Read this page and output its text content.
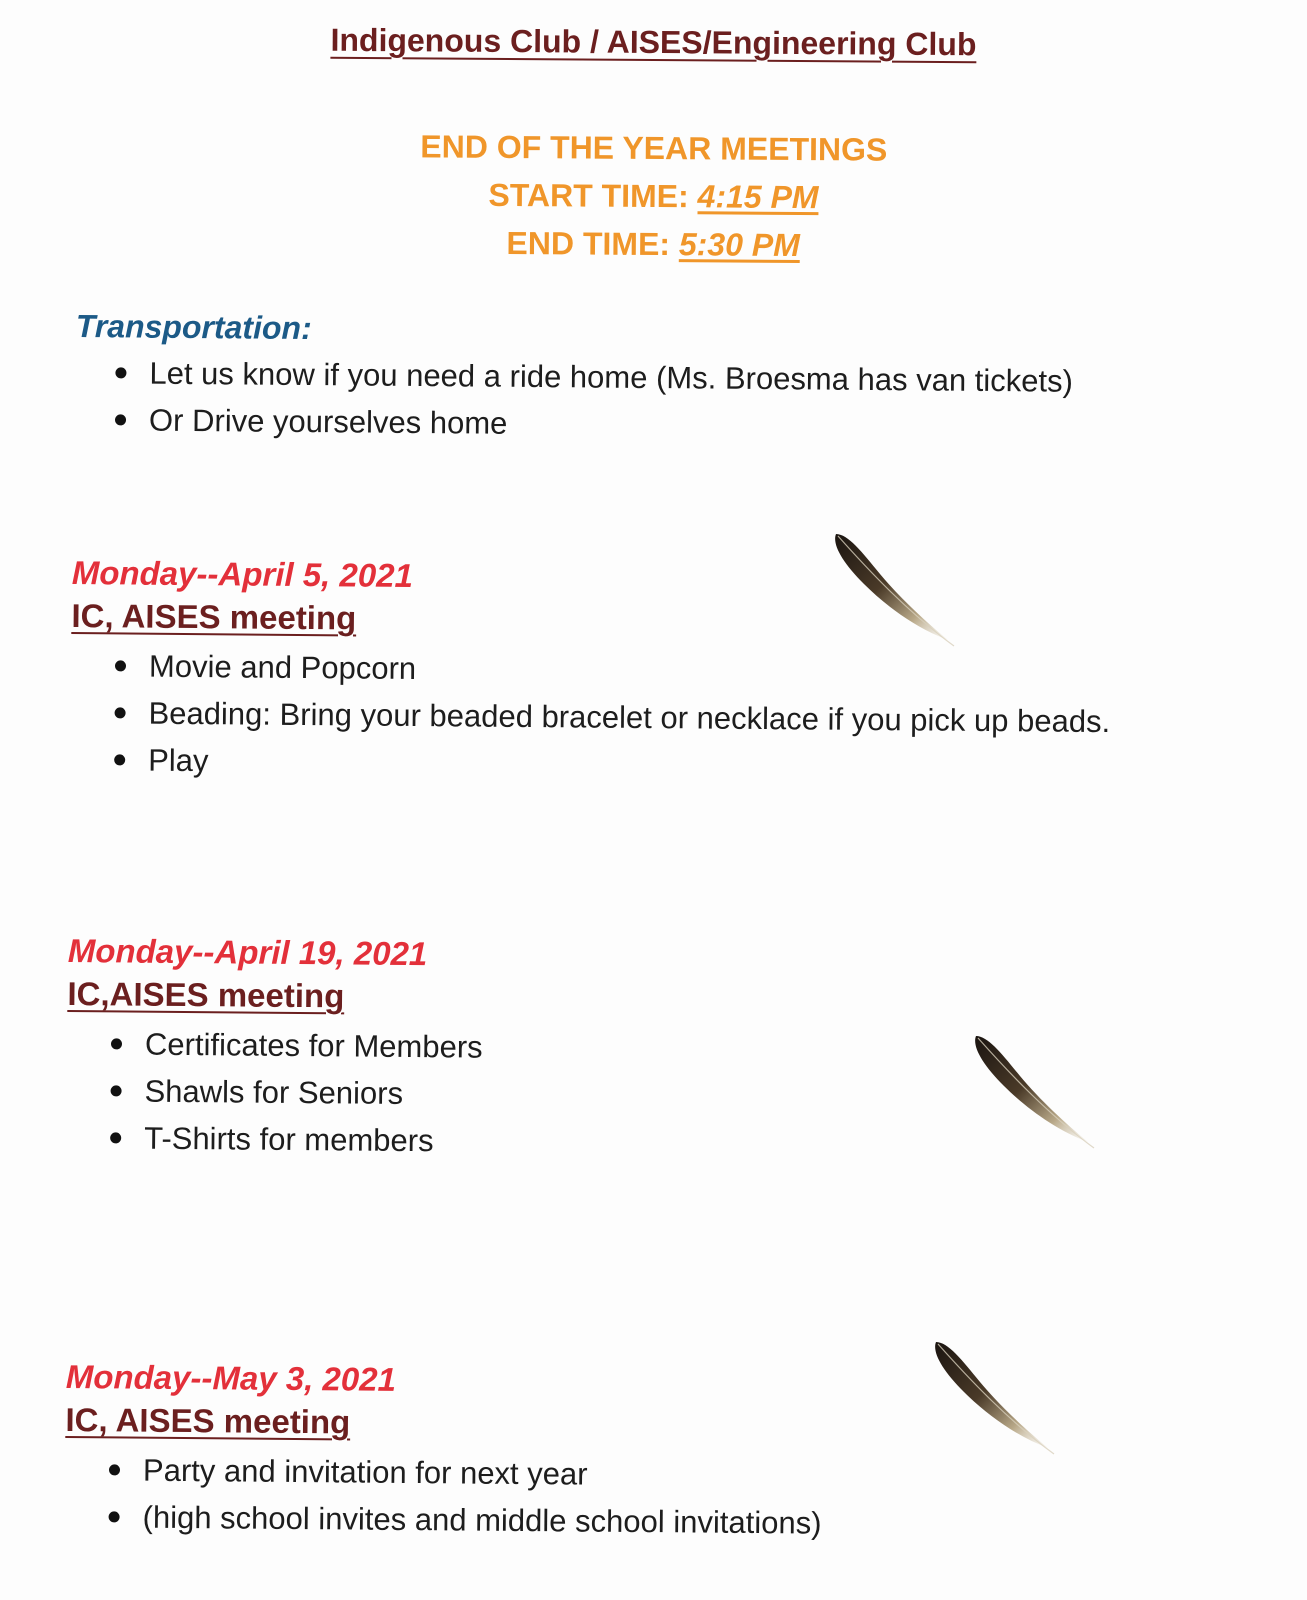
Indigenous Club / AISES/Engineering Club
END OF THE YEAR MEETINGS
START TIME: 4:15 PM
END TIME: 5:30 PM
Transportation:
Let us know if you need a ride home (Ms. Broesma has van tickets)
Or Drive yourselves home
Monday--April 5, 2021
IC, AISES meeting
Movie and Popcorn
Beading: Bring your beaded bracelet or necklace if you pick up beads.
Play
Monday--April 19, 2021
IC,AISES meeting
Certificates for Members
Shawls for Seniors
T-Shirts for members
Monday--May 3, 2021
IC, AISES meeting
Party and invitation for next year
(high school invites and middle school invitations)
